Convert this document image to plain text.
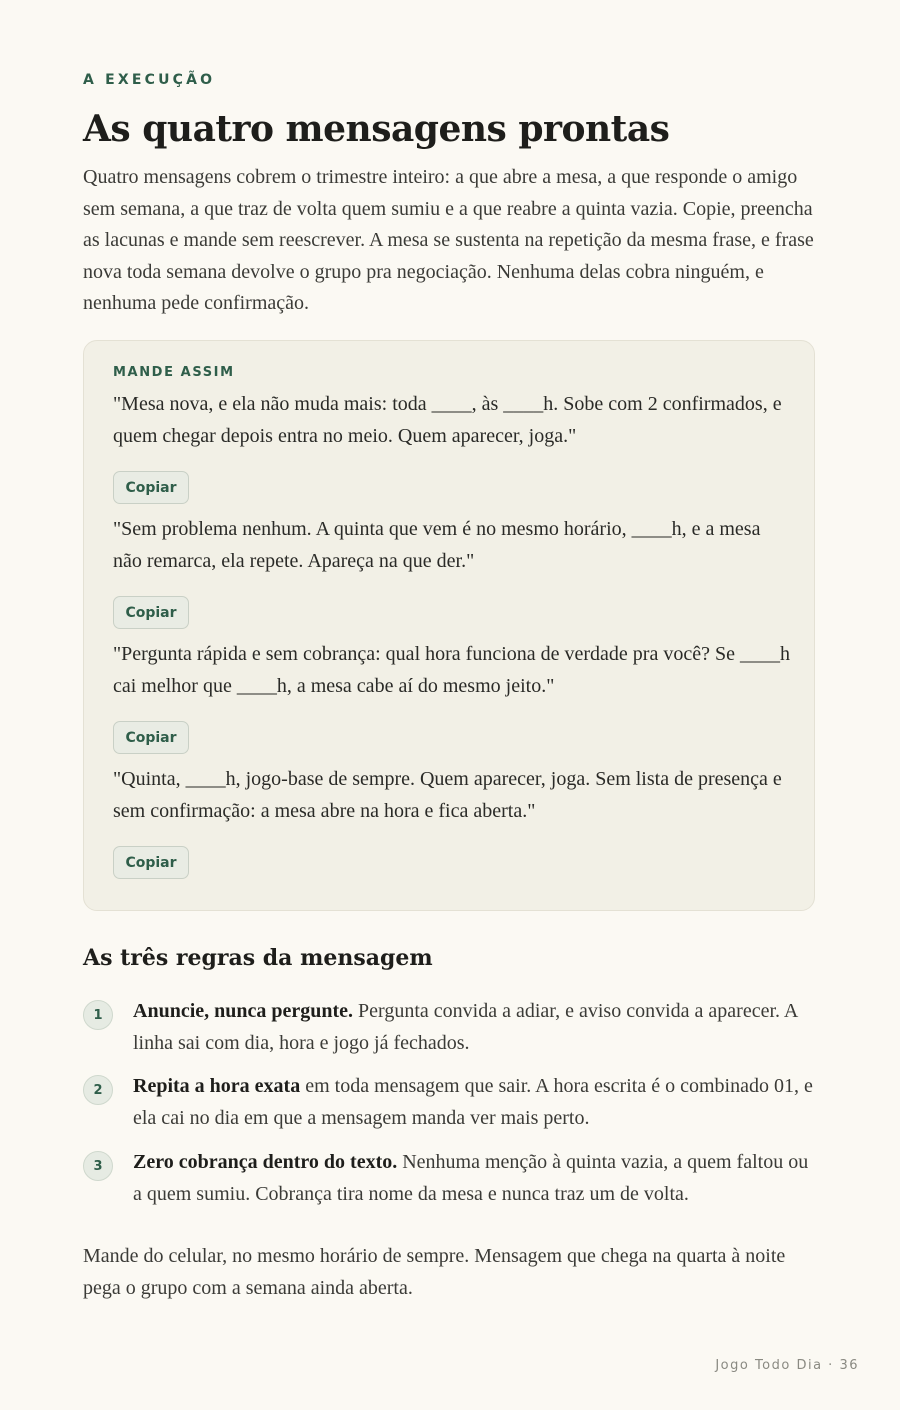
A EXECUÇÃO
As quatro mensagens prontas

Quatro mensagens cobrem o trimestre inteiro: a que abre a mesa, a que responde o amigo sem semana, a que traz de volta quem sumiu e a que reabre a quinta vazia. Copie, preencha as lacunas e mande sem reescrever. A mesa se sustenta na repetição da mesma frase, e frase nova toda semana devolve o grupo pra negociação. Nenhuma delas cobra ninguém, e nenhuma pede confirmação.

MANDE ASSIM

"Mesa nova, e ela não muda mais: toda ____, às ____h. Sobe com 2 confirmados, e quem chegar depois entra no meio. Quem aparecer, joga."

Copiar

"Sem problema nenhum. A quinta que vem é no mesmo horário, ____h, e a mesa não remarca, ela repete. Apareça na que der."

Copiar

"Pergunta rápida e sem cobrança: qual hora funciona de verdade pra você? Se ____h cai melhor que ____h, a mesa cabe aí do mesmo jeito."

Copiar

"Quinta, ____h, jogo-base de sempre. Quem aparecer, joga. Sem lista de presença e sem confirmação: a mesa abre na hora e fica aberta."

Copiar
As três regras da mensagem
1	Anuncie, nunca pergunte. Pergunta convida a adiar, e aviso convida a aparecer. A linha sai com dia, hora e jogo já fechados.

2	Repita a hora exata em toda mensagem que sair. A hora escrita é o combinado 01, e ela cai no dia em que a mensagem manda ver mais perto.

3	Zero cobrança dentro do texto. Nenhuma menção à quinta vazia, a quem faltou ou a quem sumiu. Cobrança tira nome da mesa e nunca traz um de volta.

Mande do celular, no mesmo horário de sempre. Mensagem que chega na quarta à noite pega o grupo com a semana ainda aberta.

Jogo Todo Dia · 36
